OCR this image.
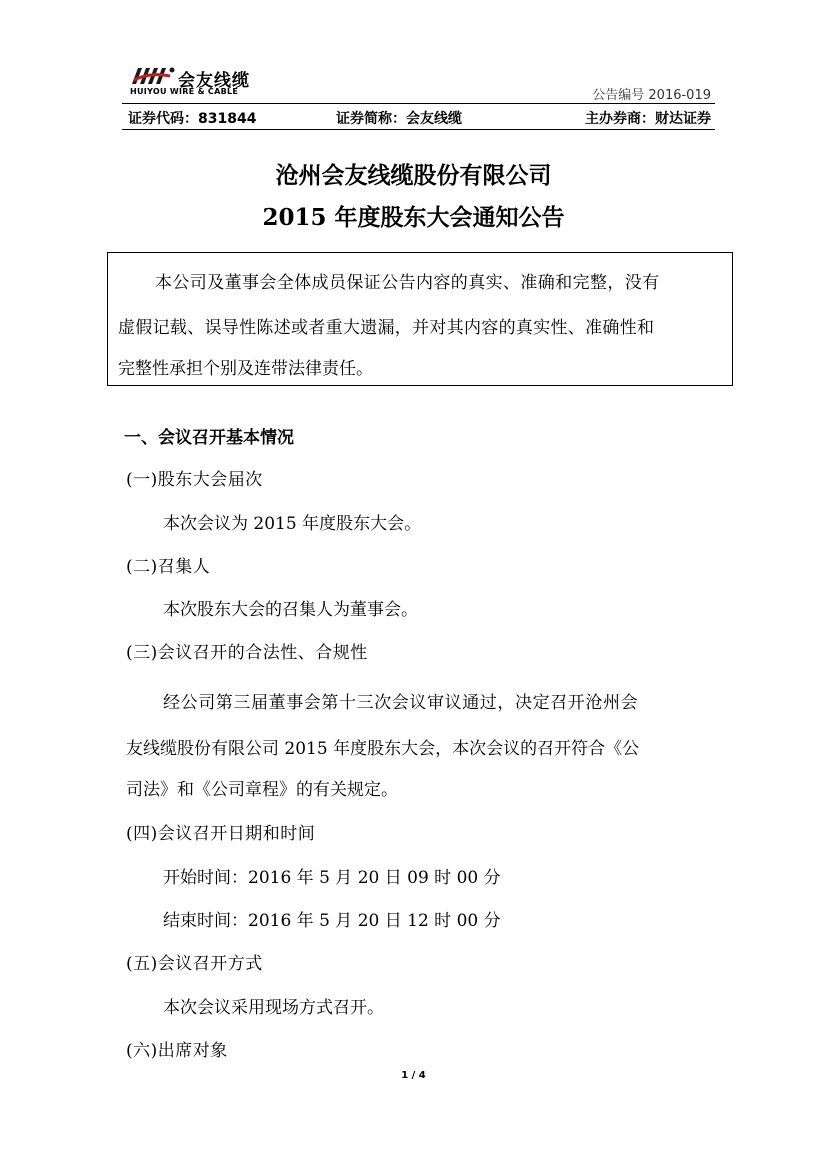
会友线缆
HUIYOU WIRE & CABLE	公告编号 2016-019
证券代码：831844	证券简称：会友线缆	主办券商：财达证券
沧州会友线缆股份有限公司
2015 年度股东大会通知公告
本公司及董事会全体成员保证公告内容的真实、准确和完整，没有
虚假记载、误导性陈述或者重大遗漏，并对其内容的真实性、准确性和
完整性承担个别及连带法律责任。
一、会议召开基本情况
(一)股东大会届次
本次会议为 2015 年度股东大会。
(二)召集人
本次股东大会的召集人为董事会。
(三)会议召开的合法性、合规性
经公司第三届董事会第十三次会议审议通过，决定召开沧州会
友线缆股份有限公司 2015 年度股东大会，本次会议的召开符合《公
司法》和《公司章程》的有关规定。
(四)会议召开日期和时间
开始时间：2016 年 5 月 20 日 09 时 00 分
结束时间：2016 年 5 月 20 日 12 时 00 分
(五)会议召开方式
本次会议采用现场方式召开。
(六)出席对象
1 / 4
